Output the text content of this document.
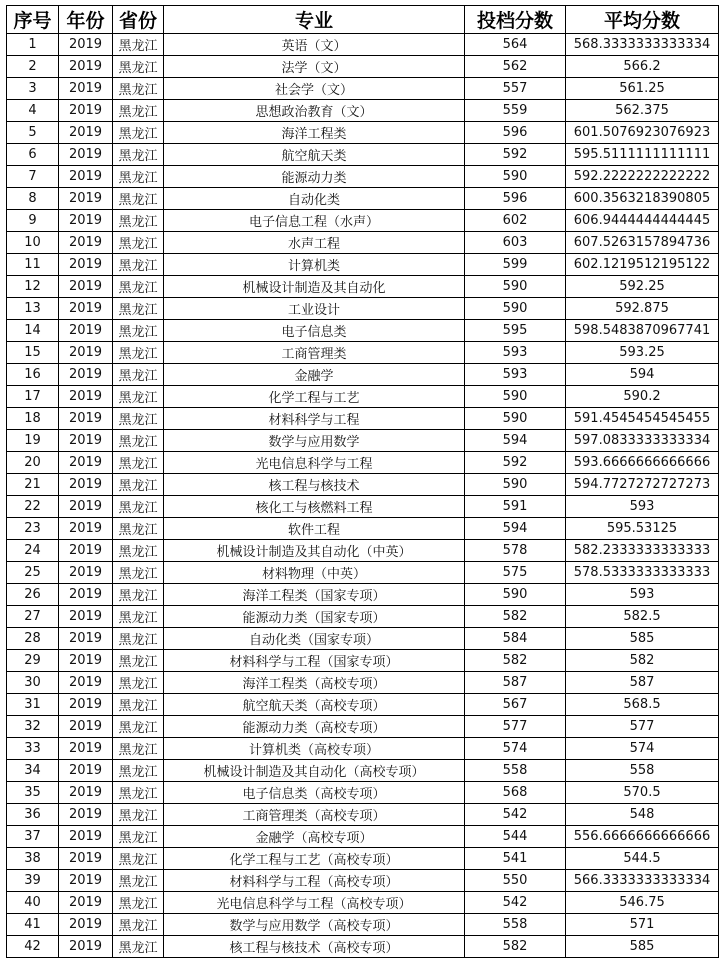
序号	年份	省份	专业	投档分数	平均分数
1	2019	黑龙江	英语（文）	564	568.3333333333334
2	2019	黑龙江	法学（文）	562	566.2
3	2019	黑龙江	社会学（文）	557	561.25
4	2019	黑龙江	思想政治教育（文）	559	562.375
5	2019	黑龙江	海洋工程类	596	601.5076923076923
6	2019	黑龙江	航空航天类	592	595.5111111111111
7	2019	黑龙江	能源动力类	590	592.2222222222222
8	2019	黑龙江	自动化类	596	600.3563218390805
9	2019	黑龙江	电子信息工程（水声）	602	606.9444444444445
10	2019	黑龙江	水声工程	603	607.5263157894736
11	2019	黑龙江	计算机类	599	602.1219512195122
12	2019	黑龙江	机械设计制造及其自动化	590	592.25
13	2019	黑龙江	工业设计	590	592.875
14	2019	黑龙江	电子信息类	595	598.5483870967741
15	2019	黑龙江	工商管理类	593	593.25
16	2019	黑龙江	金融学	593	594
17	2019	黑龙江	化学工程与工艺	590	590.2
18	2019	黑龙江	材料科学与工程	590	591.4545454545455
19	2019	黑龙江	数学与应用数学	594	597.0833333333334
20	2019	黑龙江	光电信息科学与工程	592	593.6666666666666
21	2019	黑龙江	核工程与核技术	590	594.7727272727273
22	2019	黑龙江	核化工与核燃料工程	591	593
23	2019	黑龙江	软件工程	594	595.53125
24	2019	黑龙江	机械设计制造及其自动化（中英）	578	582.2333333333333
25	2019	黑龙江	材料物理（中英）	575	578.5333333333333
26	2019	黑龙江	海洋工程类（国家专项）	590	593
27	2019	黑龙江	能源动力类（国家专项）	582	582.5
28	2019	黑龙江	自动化类（国家专项）	584	585
29	2019	黑龙江	材料科学与工程（国家专项）	582	582
30	2019	黑龙江	海洋工程类（高校专项）	587	587
31	2019	黑龙江	航空航天类（高校专项）	567	568.5
32	2019	黑龙江	能源动力类（高校专项）	577	577
33	2019	黑龙江	计算机类（高校专项）	574	574
34	2019	黑龙江	机械设计制造及其自动化（高校专项）	558	558
35	2019	黑龙江	电子信息类（高校专项）	568	570.5
36	2019	黑龙江	工商管理类（高校专项）	542	548
37	2019	黑龙江	金融学（高校专项）	544	556.6666666666666
38	2019	黑龙江	化学工程与工艺（高校专项）	541	544.5
39	2019	黑龙江	材料科学与工程（高校专项）	550	566.3333333333334
40	2019	黑龙江	光电信息科学与工程（高校专项）	542	546.75
41	2019	黑龙江	数学与应用数学（高校专项）	558	571
42	2019	黑龙江	核工程与核技术（高校专项）	582	585
